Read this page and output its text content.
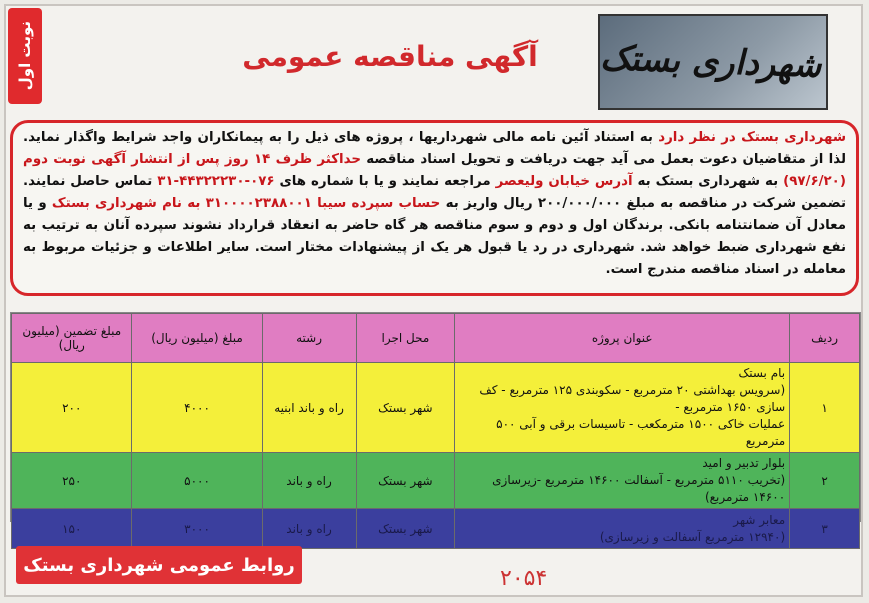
نوبت اول	آگهی مناقصه عمومی	شهرداری بستک
شهرداری بستک در نظر دارد به استناد آئین نامه مالی شهرداریها ، پروژه های ذیل را به پیمانکاران واجد شرایط واگذار نماید. لذا از متقاضیان دعوت بعمل می آید جهت دریافت و تحویل اسناد مناقصه حداکثر ظرف ۱۴ روز پس از انتشار آگهی نوبت دوم (۹۷/۶/۲۰) به شهرداری بستک به آدرس خیابان ولیعصر مراجعه نمایند و یا با شماره های ۰۷۶-۴۴۳۲۲۲۳۰-۳۱ تماس حاصل نمایند. تضمین شرکت در مناقصه به مبلغ ۲۰۰/۰۰۰/۰۰۰ ریال واریز به حساب سپرده سیبا ۳۱۰۰۰۰۲۳۸۸۰۰۱ به نام شهرداری بستک و یا معادل آن ضمانتنامه بانکی. برندگان اول و دوم و سوم مناقصه هر گاه حاضر به انعقاد قرارداد نشوند سپرده آنان به ترتیب به نفع شهرداری ضبط خواهد شد. شهرداری در رد یا قبول هر یک از پیشنهادات مختار است. سایر اطلاعات و جزئیات مربوط به معامله در اسناد مناقصه مندرج است.
ردیف	عنوان پروژه	محل اجرا	رشته	مبلغ (میلیون ریال)	مبلغ تضمین (میلیون ریال)
۱	بام بستک
(سرویس بهداشتی ۲۰ مترمربع - سکوبندی ۱۲۵ مترمربع - کف سازی ۱۶۵۰ مترمربع -
عملیات خاکی ۱۵۰۰ مترمکعب - تاسیسات برقی و آبی ۵۰۰ مترمربع	شهر بستک	راه و باند ابنیه	۴۰۰۰	۲۰۰
۲	بلوار تدبیر و امید
(تخریب ۵۱۱۰ مترمربع - آسفالت ۱۴۶۰۰ مترمربع -زیرسازی ۱۴۶۰۰ مترمربع)	شهر بستک	راه و باند	۵۰۰۰	۲۵۰
۳	معابر شهر
(۱۲۹۴۰ مترمربع آسفالت و زیرسازی)	شهر بستک	راه و باند	۳۰۰۰	۱۵۰
روابط عمومی شهرداری بستک
۲۰۵۴
